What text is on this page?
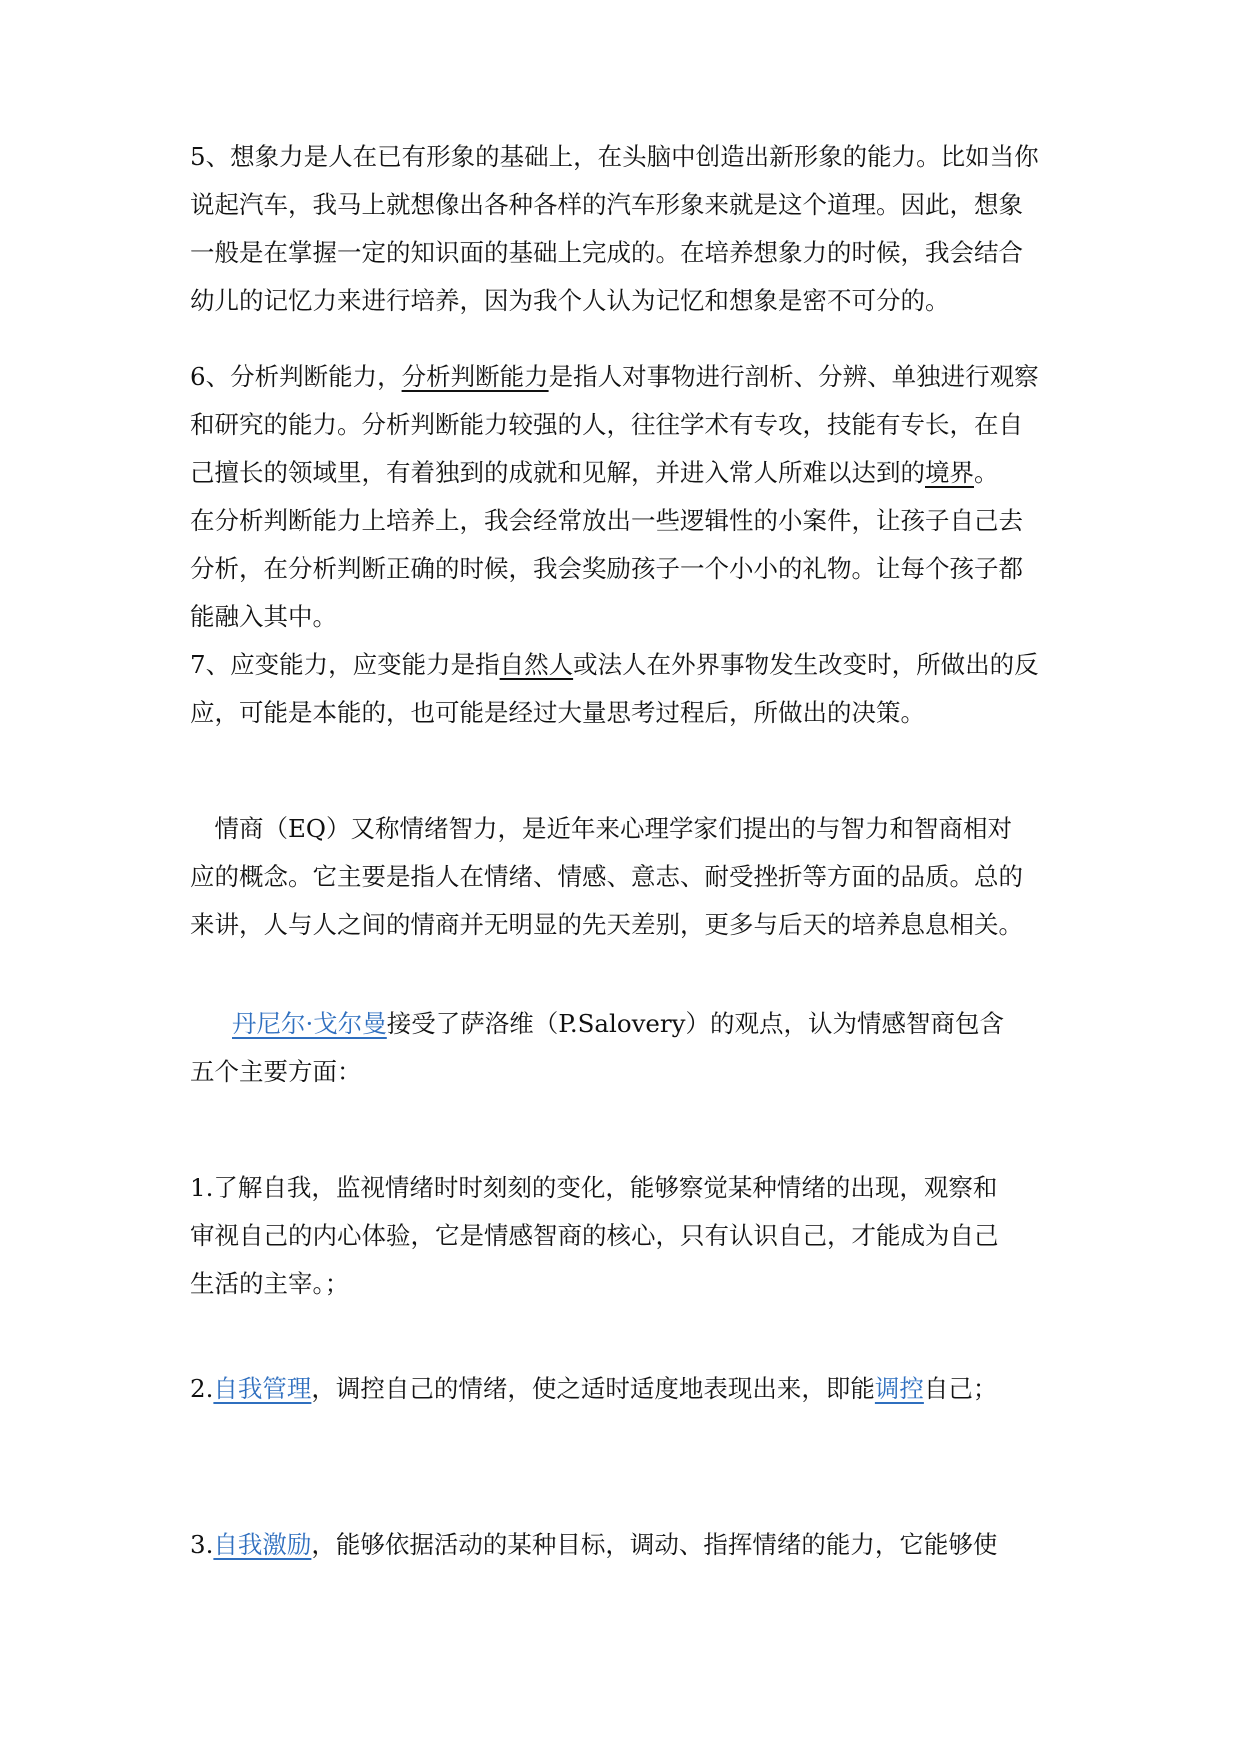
5、想象力是人在已有形象的基础上，在头脑中创造出新形象的能力。比如当你
说起汽车，我马上就想像出各种各样的汽车形象来就是这个道理。因此，想象
一般是在掌握一定的知识面的基础上完成的。在培养想象力的时候，我会结合
幼儿的记忆力来进行培养，因为我个人认为记忆和想象是密不可分的。

6、分析判断能力，分析判断能力是指人对事物进行剖析、分辨、单独进行观察
和研究的能力。分析判断能力较强的人，往往学术有专攻，技能有专长，在自
己擅长的领域里，有着独到的成就和见解，并进入常人所难以达到的境界。
在分析判断能力上培养上，我会经常放出一些逻辑性的小案件，让孩子自己去
分析，在分析判断正确的时候，我会奖励孩子一个小小的礼物。让每个孩子都
能融入其中。

7、应变能力，应变能力是指自然人或法人在外界事物发生改变时，所做出的反
应，可能是本能的，也可能是经过大量思考过程后，所做出的决策。

　情商（EQ）又称情绪智力，是近年来心理学家们提出的与智力和智商相对
应的概念。它主要是指人在情绪、情感、意志、耐受挫折等方面的品质。总的
来讲，人与人之间的情商并无明显的先天差别，更多与后天的培养息息相关。

丹尼尔·戈尔曼接受了萨洛维（P.Salovery）的观点，认为情感智商包含
五个主要方面：

1.了解自我，监视情绪时时刻刻的变化，能够察觉某种情绪的出现，观察和
审视自己的内心体验，它是情感智商的核心，只有认识自己，才能成为自己
生活的主宰。；

2.自我管理，调控自己的情绪，使之适时适度地表现出来，即能调控自己；

3.自我激励，能够依据活动的某种目标，调动、指挥情绪的能力，它能够使
